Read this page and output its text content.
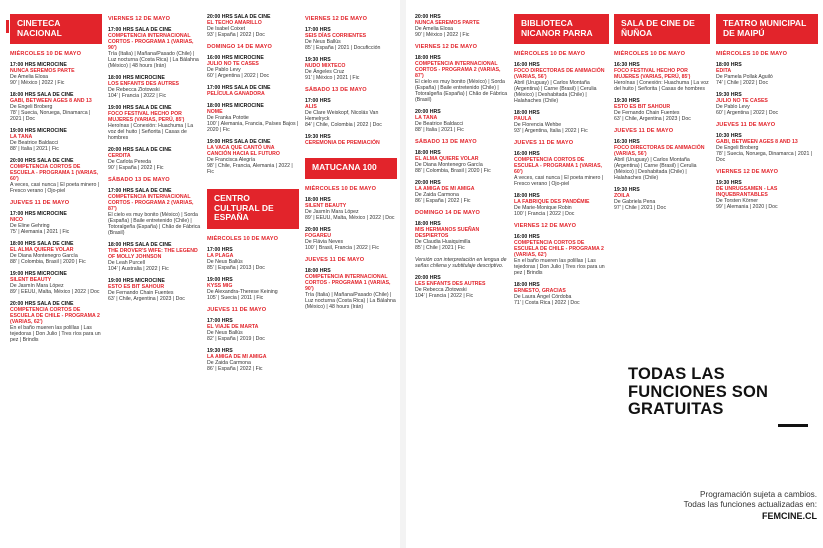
CINETECA NACIONAL
MIÉRCOLES 10 DE MAYO
17:00 HRS MICROCINE
NUNCA SEREMOS PARTE
De Amelia Elosa
90' | México | 2022 | Fic
18:00 HRS SALA DE CINE
GABI, BETWEEN AGES 8 AND 13
De Engeli Broberg
78' | Suecia, Noruega, Dinamarca | 2021 | Doc
19:00 HRS MICROCINE
LA TANA
De Beatrice Baldacci
88' | Italia | 2021 | Fic
20:00 HRS SALA DE CINE
COMPETENCIA CORTOS DE ESCUELA - PROGRAMA 1 (VARIAS, 60')
A veces, casi nunca | El poeta minero | Fresco verano | Ojo-piel
JUEVES 11 DE MAYO
17:00 HRS MICROCINE
NICO
De Eline Gehring
75' | Alemania | 2021 | Fic
18:00 HRS SALA DE CINE
EL ALMA QUIERE VOLAR
De Diana Montenegro García
88' | Colombia, Brasil | 2020 | Fic
19:00 HRS MICROCINE
SILENT BEAUTY
De Jasmín Mara López
89' | EEUU, Malta, México | 2022 | Doc
20:00 HRS SALA DE CINE
COMPETENCIA CORTOS DE ESCUELA DE CHILE - PROGRAMA 2 (VARIAS, 62')
En el baño mueren las polillas | Las tejedoras | Don Julio | Tres ríos para un pez | Brindis
VIERNES 12 DE MAYO
17:00 HRS SALA DE CINE
COMPETENCIA INTERNACIONAL CORTOS - PROGRAMA 1 (VARIAS, 90')
Tría (Italia) | Mañana/Pasado (Chile) | Luz nocturna (Costa Rica) | La Bálahna (México) | 48 hours (Irán)
18:00 HRS MICROCINE
LOS ENFANTS DES AUTRES
De Rebecca Zlotowski
104' | Francia | 2022 | Fic
19:00 HRS SALA DE CINE
FOCO FESTIVAL HECHO POR MUJERES (VARIAS, PERÚ, 85')
Heroínas | Conexión: Huachuma | La voz del huito | Señorita | Casas de hombres
20:00 HRS SALA DE CINE
CERDITA
De Carlota Pereda
90' | España | 2022 | Fic
SÁBADO 13 DE MAYO
17:00 HRS SALA DE CINE
COMPETENCIA INTERNACIONAL CORTOS - PROGRAMA 2 (VARIAS, 87')
El cielo es muy bonito (México) | Sorda (España) | Baile entretenido (Chile) | Totoralgeña (España) | Chão de Fábrica (Brasil)
18:00 HRS SALA DE CINE
THE DROVER'S WIFE: THE LEGEND OF MOLLY JOHNSON
De Leah Purcell
104' | Australia | 2022 | Fic
19:00 HRS MICROCINE
ESTO ES BIT SAHOUR
De Fernando Chain Fuentes
63' | Chile, Argentina | 2023 | Doc
20:00 HRS SALA DE CINE
EL TECHO AMARILLO
De Isabel Coixet
93' | España | 2022 | Doc
DOMINGO 14 DE MAYO
16:00 HRS MICROCINE
JULIO NO TE CASES
De Pablo Levy
60' | Argentina | 2022 | Doc
17:00 HRS SALA DE CINE
PELÍCULA GANADORA
18:00 HRS MICROCINE
NOME
De Franka Pototie
100' | Alemania, Francia, Países Bajos | 2020 | Fic
19:00 HRS SALA DE CINE
LA VACA QUE CANTÓ UNA CANCIÓN HACIA EL FUTURO
De Francisca Alegría
98' | Chile, Francia, Alemania | 2022 | Fic
CENTRO CULTURAL DE ESPAÑA
MIÉRCOLES 10 DE MAYO
17:00 HRS
LA PLAGA
De Neus Ballús
85' | España | 2013 | Doc
19:00 HRS
KYSS MIG
De Alexandra-Therese Keining
105' | Suecia | 2011 | Fic
JUEVES 11 DE MAYO
17:00 HRS
EL VIAJE DE MARTA
De Neus Ballús
82' | España | 2019 | Doc
19:30 HRS
LA AMIGA DE MI AMIGA
De Zaida Carmona
86' | España | 2022 | Fic
VIERNES 12 DE MAYO
17:00 HRS
SEIS DÍAS CORRIENTES
De Neus Ballús
85' | España | 2021 | Docuficción
19:30 HRS
NUDO MIXTECO
De Ángeles Cruz
91' | México | 2021 | Fic
SÁBADO 13 DE MAYO
17:00 HRS
ALIS
De Clare Weiskopf, Nicolás Van Hemelryck
84' | Chile, Colombia | 2022 | Doc
19:30 HRS
CEREMONIA DE PREMIACIÓN
MATUCANA 100
MIÉRCOLES 10 DE MAYO
18:00 HRS
SILENT BEAUTY
De Jasmín Mara López
89' | EEUU, Malta, México | 2022 | Doc
20:00 HRS
FOGAREU
De Flávia Neves
100' | Brasil, Francia | 2022 | Fic
JUEVES 11 DE MAYO
18:00 HRS
COMPETENCIA INTERNACIONAL CORTOS - PROGRAMA 1 (VARIAS, 90')
Tría (Italia) | Mañana/Pasado (Chile) | Luz nocturna (Costa Rica) | La Bálahna (México) | 48 hours (Irán)
20:00 HRS
NUNCA SEREMOS PARTE
De Amelia Elosa
90' | México | 2022 | Fic
VIERNES 12 DE MAYO
18:00 HRS
COMPETENCIA INTERNACIONAL CORTOS - PROGRAMA 2 (VARIAS, 87')
El cielo es muy bonito (México) | Sorda (España) | Baile entretenido (Chile) | Totoralgeña (España) | Chão de Fábrica (Brasil)
20:00 HRS
LA TANA
De Beatrice Baldacci
88' | Italia | 2021 | Fic
SÁBADO 13 DE MAYO
18:00 HRS
EL ALMA QUIERE VOLAR
De Diana Montenegro García
88' | Colombia, Brasil | 2020 | Fic
20:00 HRS
LA AMIGA DE MI AMIGA
De Zaida Carmona
86' | España | 2022 | Fic
DOMINGO 14 DE MAYO
18:00 HRS
MIS HERMANOS SUEÑAN DESPIERTOS
De Claudia Huaiquimilla
85' | Chile | 2021 | Fic
Versión con interpretación en lengua de señas chilena y subtitulaje descriptivo.
20:00 HRS
LES ENFANTS DES AUTRES
De Rebecca Zlotowski
104' | Francia | 2022 | Fic
BIBLIOTECA NICANOR PARRA
MIÉRCOLES 10 DE MAYO
16:00 HRS
FOCO DIRECTORAS DE ANIMACIÓN (VARIAS, 56')
Abril (Uruguay) | Carlos Montaña (Argentina) | Carne (Brasil) | Cerulia (México) | Deshabitada (Chile) | Halahaches (Chile)
18:00 HRS
PAULA
De Florencia Wehbe
93' | Argentina, Italia | 2022 | Fic
JUEVES 11 DE MAYO
16:00 HRS
COMPETENCIA CORTOS DE ESCUELA - PROGRAMA 1 (VARIAS, 60')
A veces, casi nunca | El poeta minero | Fresco verano | Ojo-piel
18:00 HRS
LA FABRIQUE DES PANDÉMIE
De Marie-Monique Robin
100' | Francia | 2022 | Doc
VIERNES 12 DE MAYO
16:00 HRS
COMPETENCIA CORTOS DE ESCUELA DE CHILE - PROGRAMA 2 (VARIAS, 62')
En el baño mueren las polillas | Las tejedoras | Don Julio | Tres ríos para un pez | Brindis
18:00 HRS
ERNESTO, GRACIAS
De Laura Ángel Córdoba
71' | Costa Rica | 2022 | Doc
SALA DE CINE DE ÑUÑOA
MIÉRCOLES 10 DE MAYO
16:30 HRS
FOCO FESTIVAL HECHO POR MUJERES (VARIAS, PERÚ, 85')
Heroínas | Conexión: Huachuma | La voz del huito | Señorita | Casas de hombres
19:30 HRS
ESTO ES BIT SAHOUR
De Fernando Chain Fuentes
63' | Chile, Argentina | 2023 | Doc
JUEVES 11 DE MAYO
16:30 HRS
FOCO DIRECTORAS DE ANIMACIÓN (VARIAS, 56')
Abril (Uruguay) | Carlos Montaña (Argentina) | Carne (Brasil) | Cerulia (México) | Deshabitada (Chile) | Halahaches (Chile)
19:30 HRS
ZOILA
De Gabriela Pena
97' | Chile | 2021 | Doc
TEATRO MUNICIPAL DE MAIPÚ
MIÉRCOLES 10 DE MAYO
18:00 HRS
EDITA
De Pamela Pollak Aguiló
74' | Chile | 2022 | Doc
19:30 HRS
JULIO NO TE CASES
De Pablo Levy
60' | Argentina | 2022 | Doc
JUEVES 11 DE MAYO
10:30 HRS
GABI, BETWEEN AGES 8 AND 13
De Engeli Broberg
78' | Suecia, Noruega, Dinamarca | 2021 | Doc
VIERNES 12 DE MAYO
19:30 HRS
DE UNRUGSAMEN - LAS INQUEBRANTABLES
De Torsten Körner
99' | Alemania | 2020 | Doc
TODAS LAS FUNCIONES SON GRATUITAS
Programación sujeta a cambios.
Todas las funciones actualizadas en:
FEMCINE.CL
